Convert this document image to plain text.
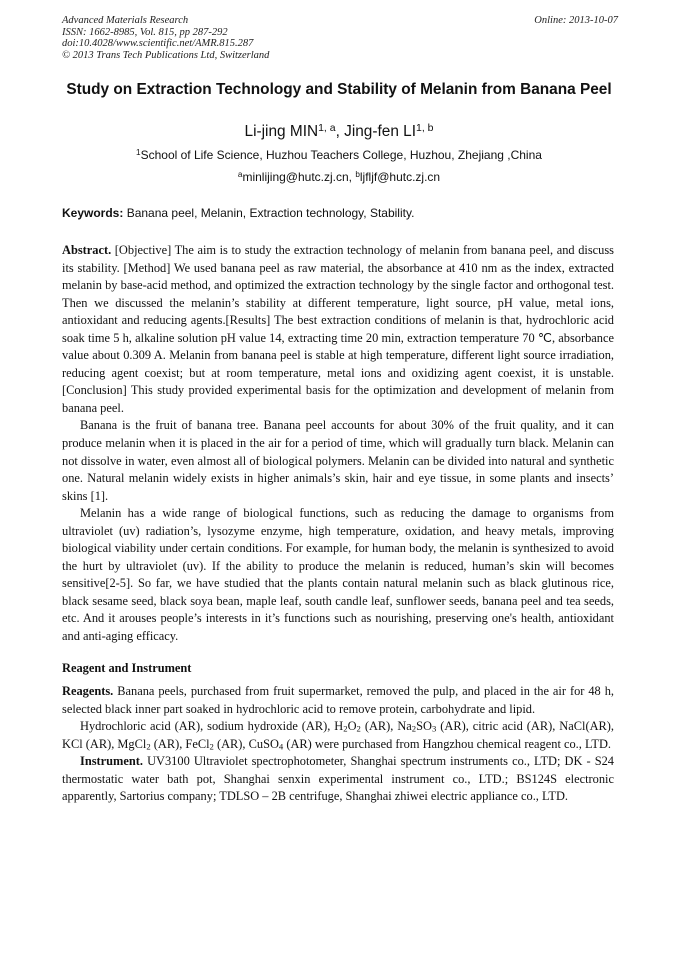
Advanced Materials Research
ISSN: 1662-8985, Vol. 815, pp 287-292
doi:10.4028/www.scientific.net/AMR.815.287
© 2013 Trans Tech Publications Ltd, Switzerland
Online: 2013-10-07
Study on Extraction Technology and Stability of Melanin from Banana Peel
Li-jing MIN$^{1, a}$, Jing-fen LI$^{1, b}$
$^1$School of Life Science, Huzhou Teachers College, Huzhou, Zhejiang ,China
$^a$minlijing@hutc.zj.cn, $^b$ljfljf@hutc.zj.cn
Keywords: Banana peel, Melanin, Extraction technology, Stability.

Abstract. [Objective] The aim is to study the extraction technology of melanin from banana peel, and discuss its stability. [Method] We used banana peel as raw material, the absorbance at 410 nm as the index, extracted melanin by base-acid method, and optimized the extraction technology by the single factor and orthogonal test. Then we discussed the melanin’s stability at different temperature, light source, pH value, metal ions, antioxidant and reducing agents.[Results] The best extraction conditions of melanin is that, hydrochloric acid soak time 5 h, alkaline solution pH value 14, extracting time 20 min, extraction temperature 70 ℃, absorbance value about 0.309 A. Melanin from banana peel is stable at high temperature, different light source irradiation, reducing agent coexist; but at room temperature, metal ions and oxidizing agent coexist, it is unstable. [Conclusion] This study provided experimental basis for the optimization and development of melanin from banana peel.

Banana is the fruit of banana tree. Banana peel accounts for about 30% of the fruit quality, and it can produce melanin when it is placed in the air for a period of time, which will gradually turn black. Melanin can not dissolve in water, even almost all of biological polymers. Melanin can be divided into natural and synthetic one. Natural melanin widely exists in higher animals’s skin, hair and eye tissue, in some plants and insects’ skins [1].

Melanin has a wide range of biological functions, such as reducing the damage to organisms from ultraviolet (uv) radiation’s, lysozyme enzyme, high temperature, oxidation, and heavy metals, improving biological viability under certain conditions. For example, for human body, the melanin is synthesized to avoid the hurt by ultraviolet (uv). If the ability to produce the melanin is reduced, human’s skin will becomes sensitive[2-5]. So far, we have studied that the plants contain natural melanin such as black glutinous rice, black sesame seed, black soya bean, maple leaf, south candle leaf, sunflower seeds, banana peel and tea seeds, etc. And it arouses people’s interests in it’s functions such as nourishing, preserving one's health, antioxidant and anti-aging efficacy.

Reagent and Instrument

Reagents. Banana peels, purchased from fruit supermarket, removed the pulp, and placed in the air for 48 h, selected black inner part soaked in hydrochloric acid to remove protein, carbohydrate and lipid.

Hydrochloric acid (AR), sodium hydroxide (AR), $H_2O_2$ (AR), $Na_2SO_3$ (AR), citric acid (AR), NaCl(AR), KCl (AR), MgCl$_2$ (AR), FeCl$_2$ (AR), CuSO$_4$ (AR) were purchased from Hangzhou chemical reagent co., LTD.

Instrument. UV3100 Ultraviolet spectrophotometer, Shanghai spectrum instruments co., LTD; DK - S24 thermostatic water bath pot, Shanghai senxin experimental instrument co., LTD.; BS124S electronic apparently, Sartorius company; TDLSO – 2B centrifuge, Shanghai zhiwei electric appliance co., LTD.
